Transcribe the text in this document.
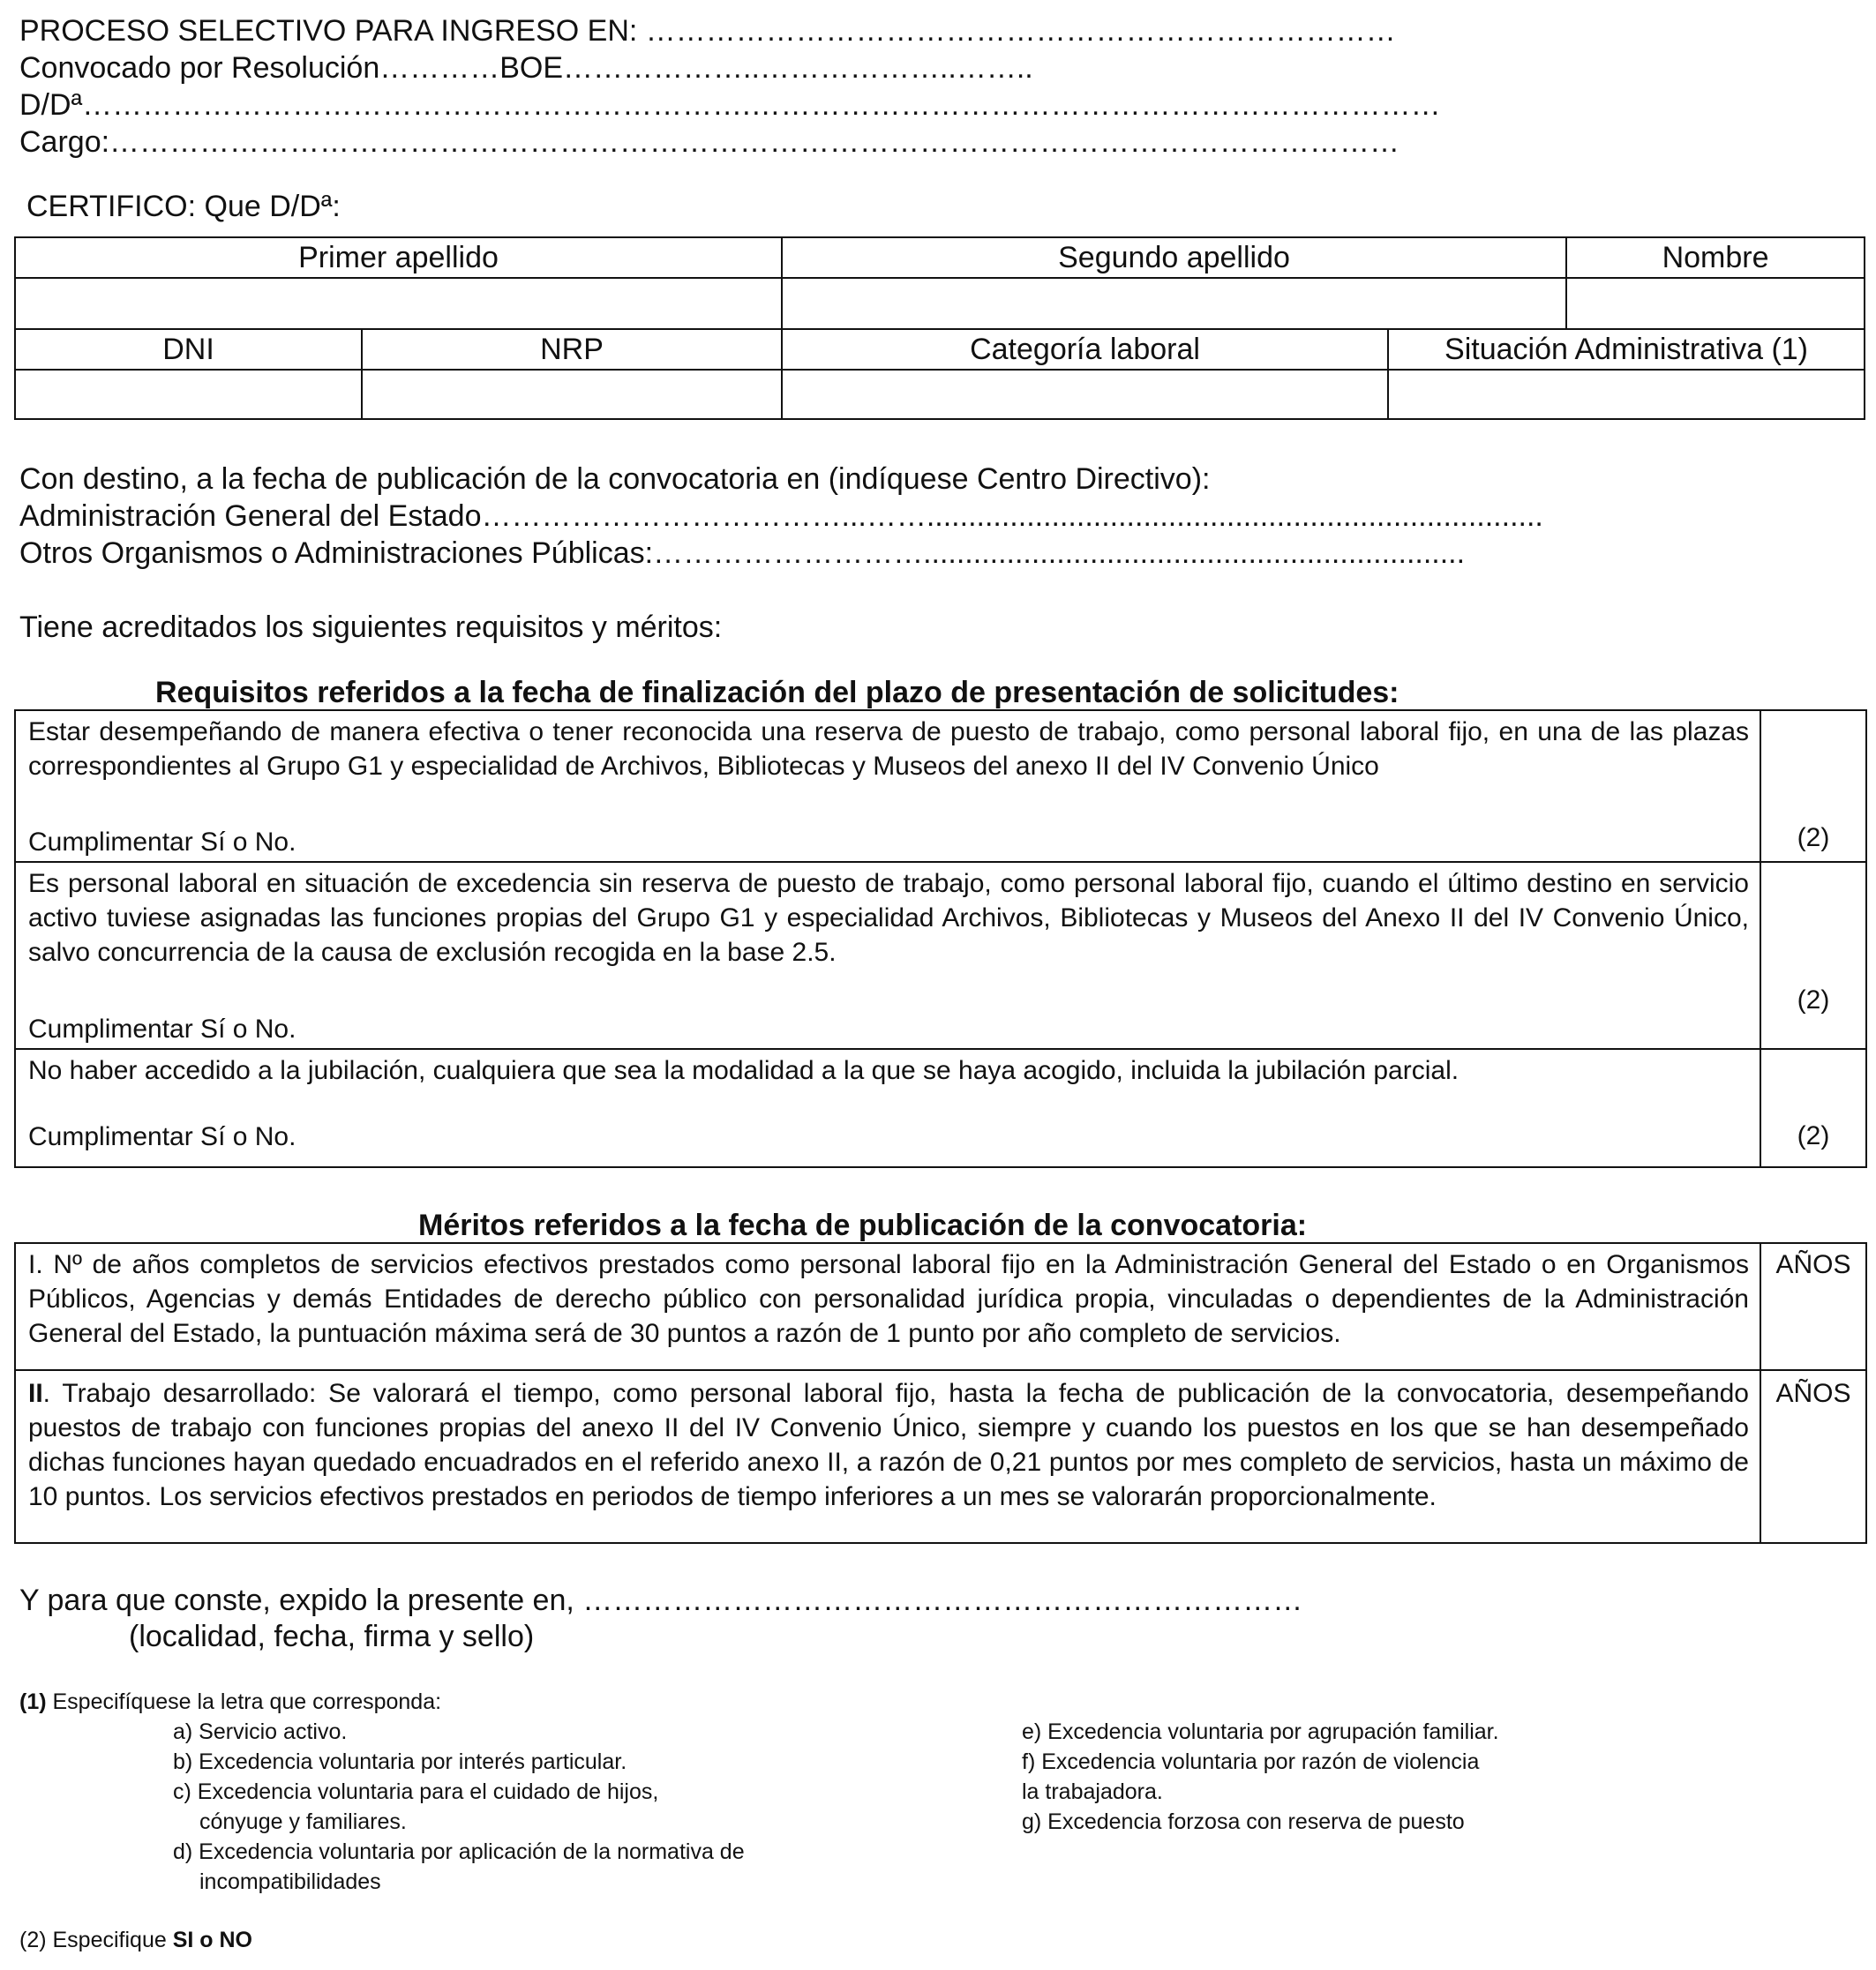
PROCESO SELECTIVO PARA INGRESO EN: …………………………………………………………………
Convocado por Resolución…………BOE………………..………………..……..
D/Dª………………………………………………………….……………………………………………………………
Cargo:…………………………………………………………………………………………………………………
CERTIFICO: Que D/Dª:
Primer apellido		Segundo apellido		Nombre

DNI	NRP	Categoría laboral	Situación Administrativa (1)	

Con destino, a la fecha de publicación de la convocatoria en (indíquese Centro Directivo):
Administración General del Estado………………………………...……..........................................................................
Otros Organismos o Administraciones Públicas:……………………….................................................................
Tiene acreditados los siguientes requisitos y méritos:
Requisitos referidos a la fecha de finalización del plazo de presentación de solicitudes:
Estar desempeñando de manera efectiva o tener reconocida una reserva de puesto de trabajo, como personal laboral fijo, en una de las plazas correspondientes al Grupo G1 y especialidad de Archivos, Bibliotecas y Museos del anexo II del IV Convenio Único
Cumplimentar Sí o No.	(2)

Es personal laboral en situación de excedencia sin reserva de puesto de trabajo, como personal laboral fijo, cuando el último destino en servicio activo tuviese asignadas las funciones propias del Grupo G1 y especialidad Archivos, Bibliotecas y Museos del Anexo II del IV Convenio Único, salvo concurrencia de la causa de exclusión recogida en la base 2.5.
Cumplimentar Sí o No.	(2)

No haber accedido a la jubilación, cualquiera que sea la modalidad a la que se haya acogido, incluida la jubilación parcial.
Cumplimentar Sí o No.	(2)
Méritos referidos a la fecha de publicación de la convocatoria:
I. Nº de años completos de servicios efectivos prestados como personal laboral fijo en la Administración General del Estado o en Organismos Públicos, Agencias y demás Entidades de derecho público con personalidad jurídica propia, vinculadas o dependientes de la Administración General del Estado, la puntuación máxima será de 30 puntos a razón de 1 punto por año completo de servicios.	AÑOS
II. Trabajo desarrollado: Se valorará el tiempo, como personal laboral fijo, hasta la fecha de publicación de la convocatoria, desempeñando puestos de trabajo con funciones propias del anexo II del IV Convenio Único, siempre y cuando los puestos en los que se han desempeñado dichas funciones hayan quedado encuadrados en el referido anexo II, a razón de 0,21 puntos por mes completo de servicios, hasta un máximo de 10 puntos. Los servicios efectivos prestados en periodos de tiempo inferiores a un mes se valorarán proporcionalmente.	AÑOS
Y para que conste, expido la presente en, ………………………………………………………………
(localidad, fecha, firma y sello)
(1) Especifíquese la letra que corresponda:
a) Servicio activo.
b) Excedencia voluntaria por interés particular.
c) Excedencia voluntaria para el cuidado de hijos,
cónyuge y familiares.
d) Excedencia voluntaria por aplicación de la normativa de
incompatibilidades
e) Excedencia voluntaria por agrupación familiar.
f) Excedencia voluntaria por razón de violencia
la trabajadora.
g) Excedencia forzosa con reserva de puesto
(2) Especifique SI o NO
